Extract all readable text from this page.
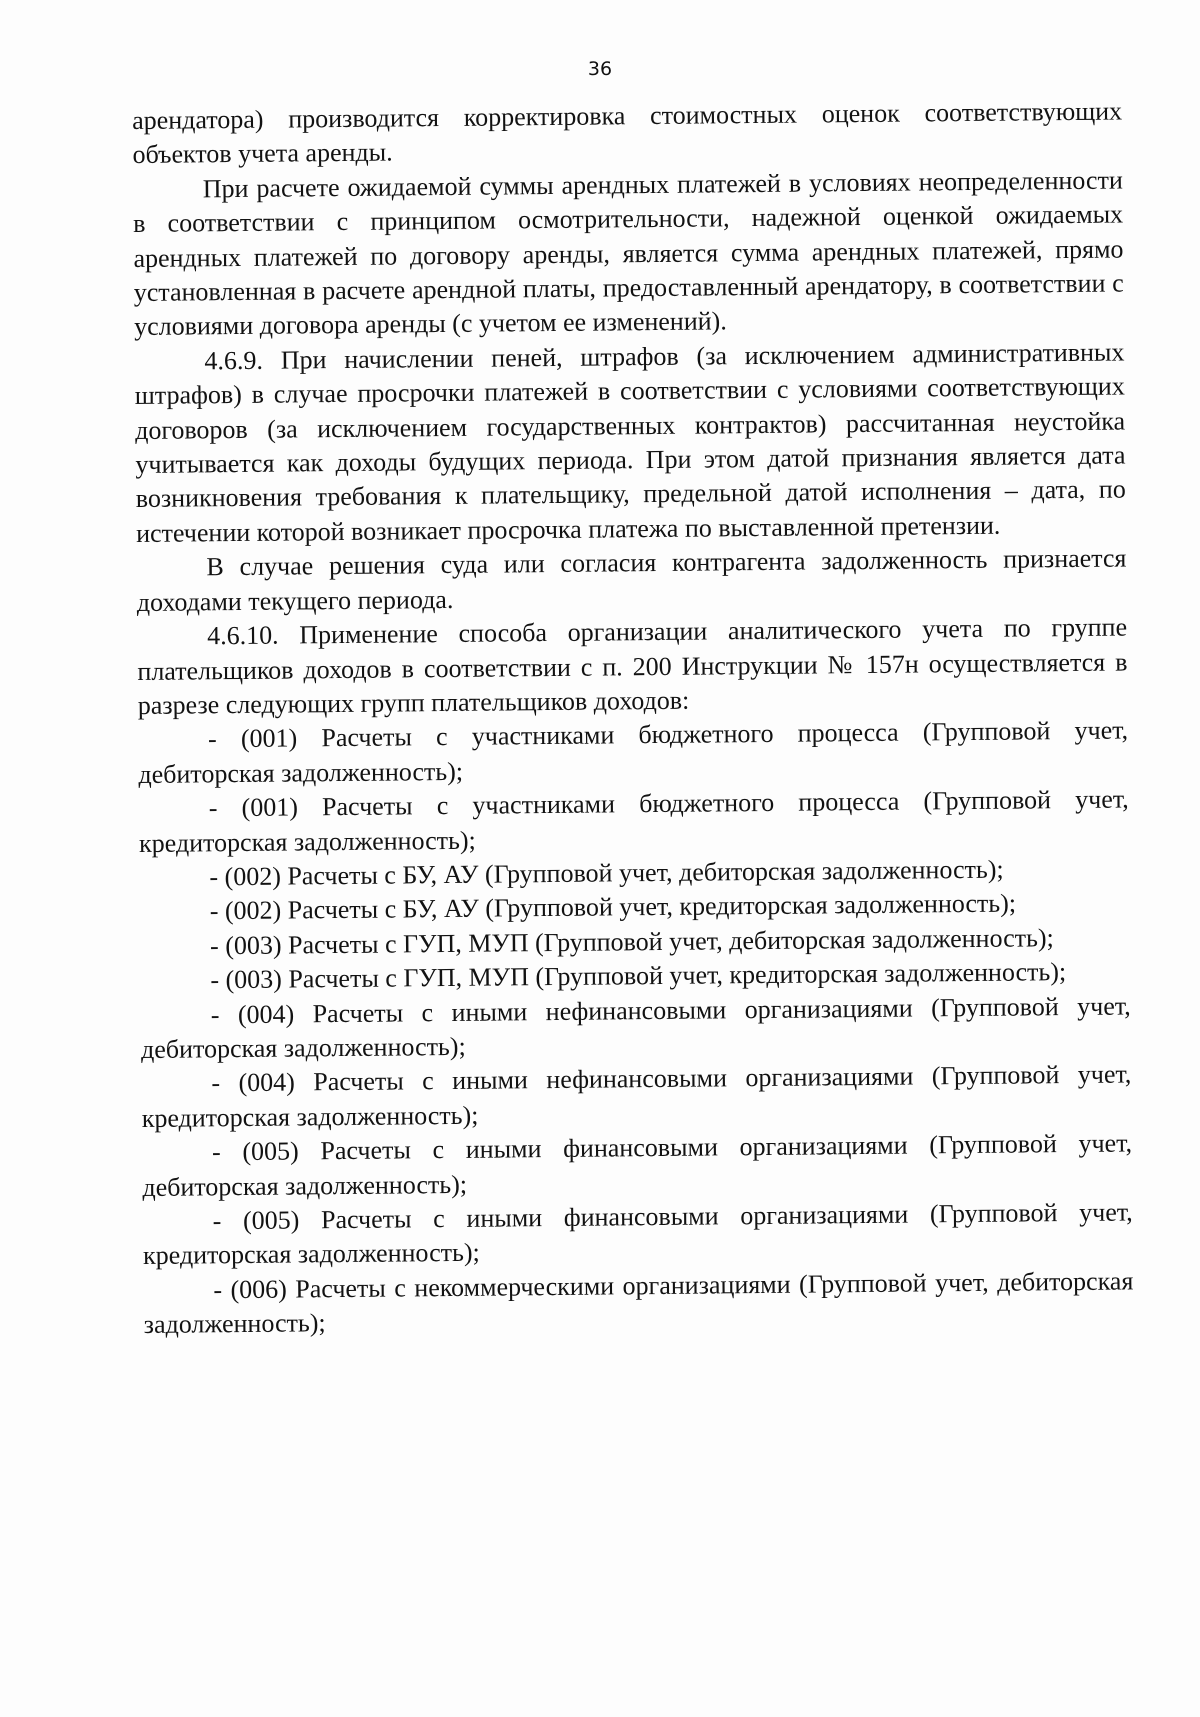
36

арендатора) производится корректировка стоимостных оценок соответствующих объектов учета аренды.

При расчете ожидаемой суммы арендных платежей в условиях неопределенности в соответствии с принципом осмотрительности, надежной оценкой ожидаемых арендных платежей по договору аренды, является сумма арендных платежей, прямо установленная в расчете арендной платы, предоставленный арендатору, в соответствии с условиями договора аренды (с учетом ее изменений).

4.6.9. При начислении пеней, штрафов (за исключением административных штрафов) в случае просрочки платежей в соответствии с условиями соответствующих договоров (за исключением государственных контрактов) рассчитанная неустойка учитывается как доходы будущих периода. При этом датой признания является дата возникновения требования к плательщику, предельной датой исполнения – дата, по истечении которой возникает просрочка платежа по выставленной претензии.

В случае решения суда или согласия контрагента задолженность признается доходами текущего периода.

4.6.10. Применение способа организации аналитического учета по группе плательщиков доходов в соответствии с п. 200 Инструкции № 157н осуществляется в разрезе следующих групп плательщиков доходов:

- (001) Расчеты с участниками бюджетного процесса (Групповой учет, дебиторская задолженность);

- (001) Расчеты с участниками бюджетного процесса (Групповой учет, кредиторская задолженность);

- (002) Расчеты с БУ, АУ (Групповой учет, дебиторская задолженность);

- (002) Расчеты с БУ, АУ (Групповой учет, кредиторская задолженность);

- (003) Расчеты с ГУП, МУП (Групповой учет, дебиторская задолженность);

- (003) Расчеты с ГУП, МУП (Групповой учет, кредиторская задолженность);

- (004) Расчеты с иными нефинансовыми организациями (Групповой учет, дебиторская задолженность);

- (004) Расчеты с иными нефинансовыми организациями (Групповой учет, кредиторская задолженность);

- (005) Расчеты с иными финансовыми организациями (Групповой учет, дебиторская задолженность);

- (005) Расчеты с иными финансовыми организациями (Групповой учет, кредиторская задолженность);

- (006) Расчеты с некоммерческими организациями (Групповой учет, дебиторская задолженность);
